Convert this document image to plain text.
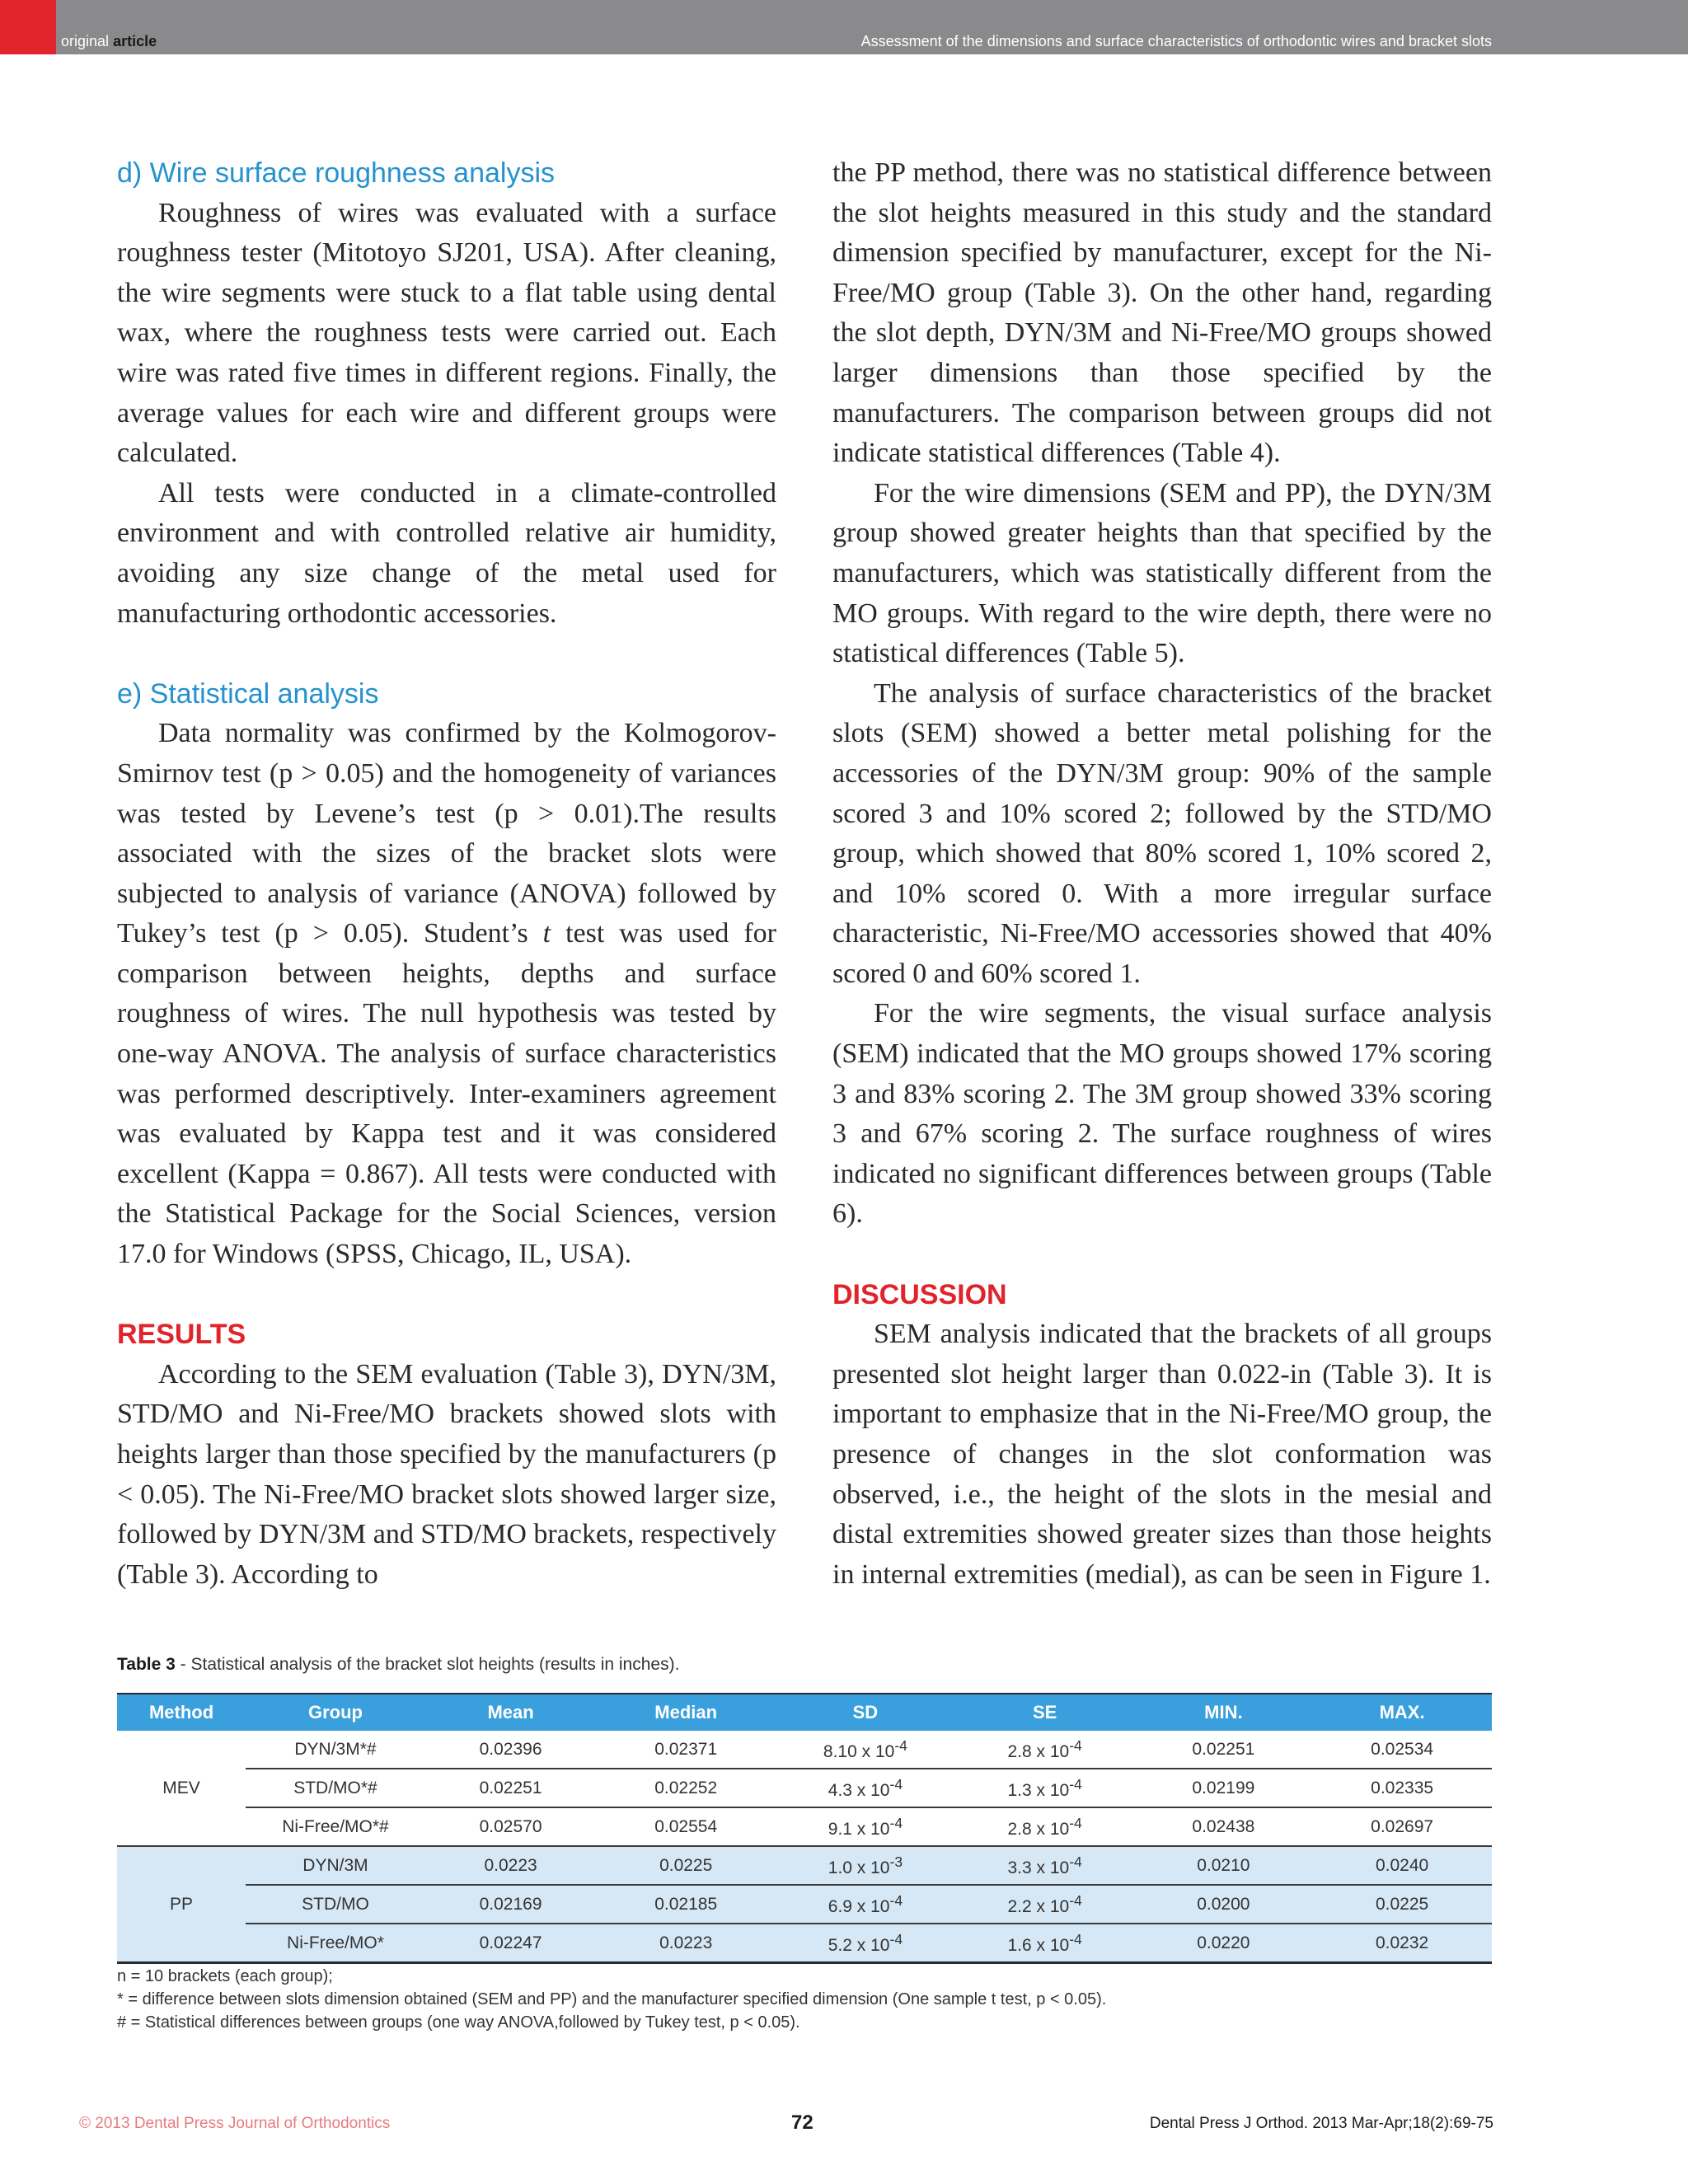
original article	Assessment of the dimensions and surface characteristics of orthodontic wires and bracket slots
d) Wire surface roughness analysis

Roughness of wires was evaluated with a surface roughness tester (Mitotoyo SJ201, USA). After cleaning, the wire segments were stuck to a flat table using dental wax, where the roughness tests were carried out. Each wire was rated five times in different regions. Finally, the average values for each wire and different groups were calculated.

All tests were conducted in a climate-controlled environment and with controlled relative air humidity, avoiding any size change of the metal used for manufacturing orthodontic accessories.

e) Statistical analysis

Data normality was confirmed by the Kolmogorov-Smirnov test (p > 0.05) and the homogeneity of variances was tested by Levene’s test (p > 0.01).The results associated with the sizes of the bracket slots were subjected to analysis of variance (ANOVA) followed by Tukey’s test (p > 0.05). Student’s t test was used for comparison between heights, depths and surface roughness of wires. The null hypothesis was tested by one-way ANOVA. The analysis of surface characteristics was performed descriptively. Inter-examiners agreement was evaluated by Kappa test and it was considered excellent (Kappa = 0.867). All tests were conducted with the Statistical Package for the Social Sciences, version 17.0 for Windows (SPSS, Chicago, IL, USA).

RESULTS

According to the SEM evaluation (Table 3), DYN/3M, STD/MO and Ni-Free/MO brackets showed slots with heights larger than those specified by the manufacturers (p < 0.05). The Ni-Free/MO bracket slots showed larger size, followed by DYN/3M and STD/MO brackets, respectively (Table 3). According to

the PP method, there was no statistical difference between the slot heights measured in this study and the standard dimension specified by manufacturer, except for the Ni-Free/MO group (Table 3). On the other hand, regarding the slot depth, DYN/3M and Ni-Free/MO groups showed larger dimensions than those specified by the manufacturers. The comparison between groups did not indicate statistical differences (Table 4).

For the wire dimensions (SEM and PP), the DYN/3M group showed greater heights than that specified by the manufacturers, which was statistically different from the MO groups. With regard to the wire depth, there were no statistical differences (Table 5).

The analysis of surface characteristics of the bracket slots (SEM) showed a better metal polishing for the accessories of the DYN/3M group: 90% of the sample scored 3 and 10% scored 2; followed by the STD/MO group, which showed that 80% scored 1, 10% scored 2, and 10% scored 0. With a more irregular surface characteristic, Ni-Free/MO accessories showed that 40% scored 0 and 60% scored 1.

For the wire segments, the visual surface analysis (SEM) indicated that the MO groups showed 17% scoring 3 and 83% scoring 2. The 3M group showed 33% scoring 3 and 67% scoring 2. The surface roughness of wires indicated no significant differences between groups (Table 6).

DISCUSSION

SEM analysis indicated that the brackets of all groups presented slot height larger than 0.022-in (Table 3). It is important to emphasize that in the Ni-Free/MO group, the presence of changes in the slot conformation was observed, i.e., the height of the slots in the mesial and distal extremities showed greater sizes than those heights in internal extremities (medial), as can be seen in Figure 1.

Table 3 - Statistical analysis of the bracket slot heights (results in inches).
Method	Group	Mean	Median	SD	SE	MIN.	MAX.
MEV	DYN/3M*#	0.02396	0.02371	8.10 x $10^{-4}$	2.8 x $10^{-4}$	0.02251	0.02534
	STD/MO*#	0.02251	0.02252	4.3 x $10^{-4}$	1.3 x $10^{-4}$	0.02199	0.02335
	Ni-Free/MO*#	0.02570	0.02554	9.1 x $10^{-4}$	2.8 x $10^{-4}$	0.02438	0.02697
PP	DYN/3M	0.0223	0.0225	1.0 x $10^{-3}$	3.3 x $10^{-4}$	0.0210	0.0240
	STD/MO	0.02169	0.02185	6.9 x $10^{-4}$	2.2 x $10^{-4}$	0.0200	0.0225
	Ni-Free/MO*	0.02247	0.0223	5.2 x $10^{-4}$	1.6 x $10^{-4}$	0.0220	0.0232
n = 10 brackets (each group);
* = difference between slots dimension obtained (SEM and PP) and the manufacturer specified dimension (One sample t test, p < 0.05).
# = Statistical differences between groups (one way ANOVA,followed by Tukey test, p < 0.05).
© 2013 Dental Press Journal of Orthodontics	72	Dental Press J Orthod. 2013 Mar-Apr;18(2):69-75
